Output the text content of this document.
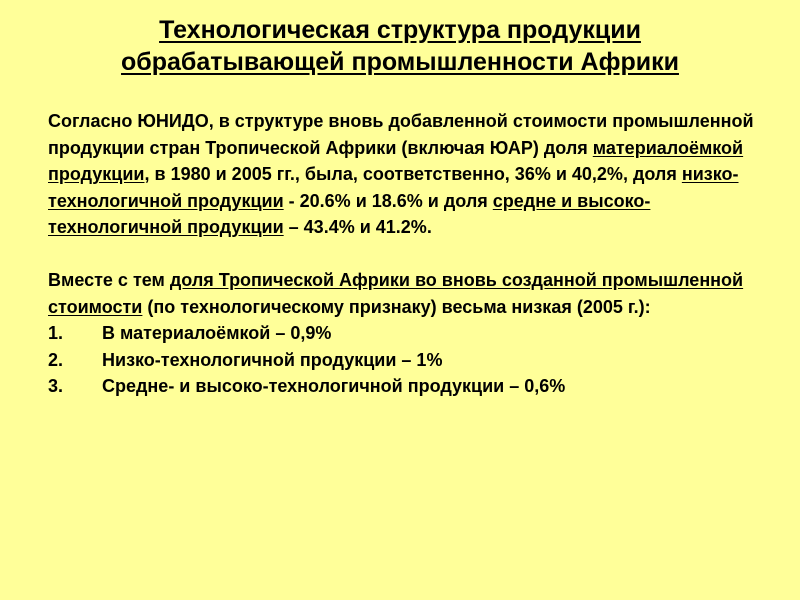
Технологическая структура продукции
обрабатывающей промышленности Африки
Согласно ЮНИДО, в структуре вновь добавленной стоимости промышленной продукции стран Тропической Африки (включая ЮАР) доля материалоёмкой продукции, в 1980 и 2005 гг., была, соответственно, 36% и 40,2%, доля низко-технологичной продукции - 20.6% и 18.6% и доля средне и высоко-технологичной продукции – 43.4% и 41.2%.
Вместе с тем доля Тропической Африки во вновь созданной промышленной стоимости (по технологическому признаку) весьма низкая (2005 г.):
1.	В материалоёмкой – 0,9%
2.	Низко-технологичной продукции – 1%
3.	Средне- и высоко-технологичной продукции – 0,6%
